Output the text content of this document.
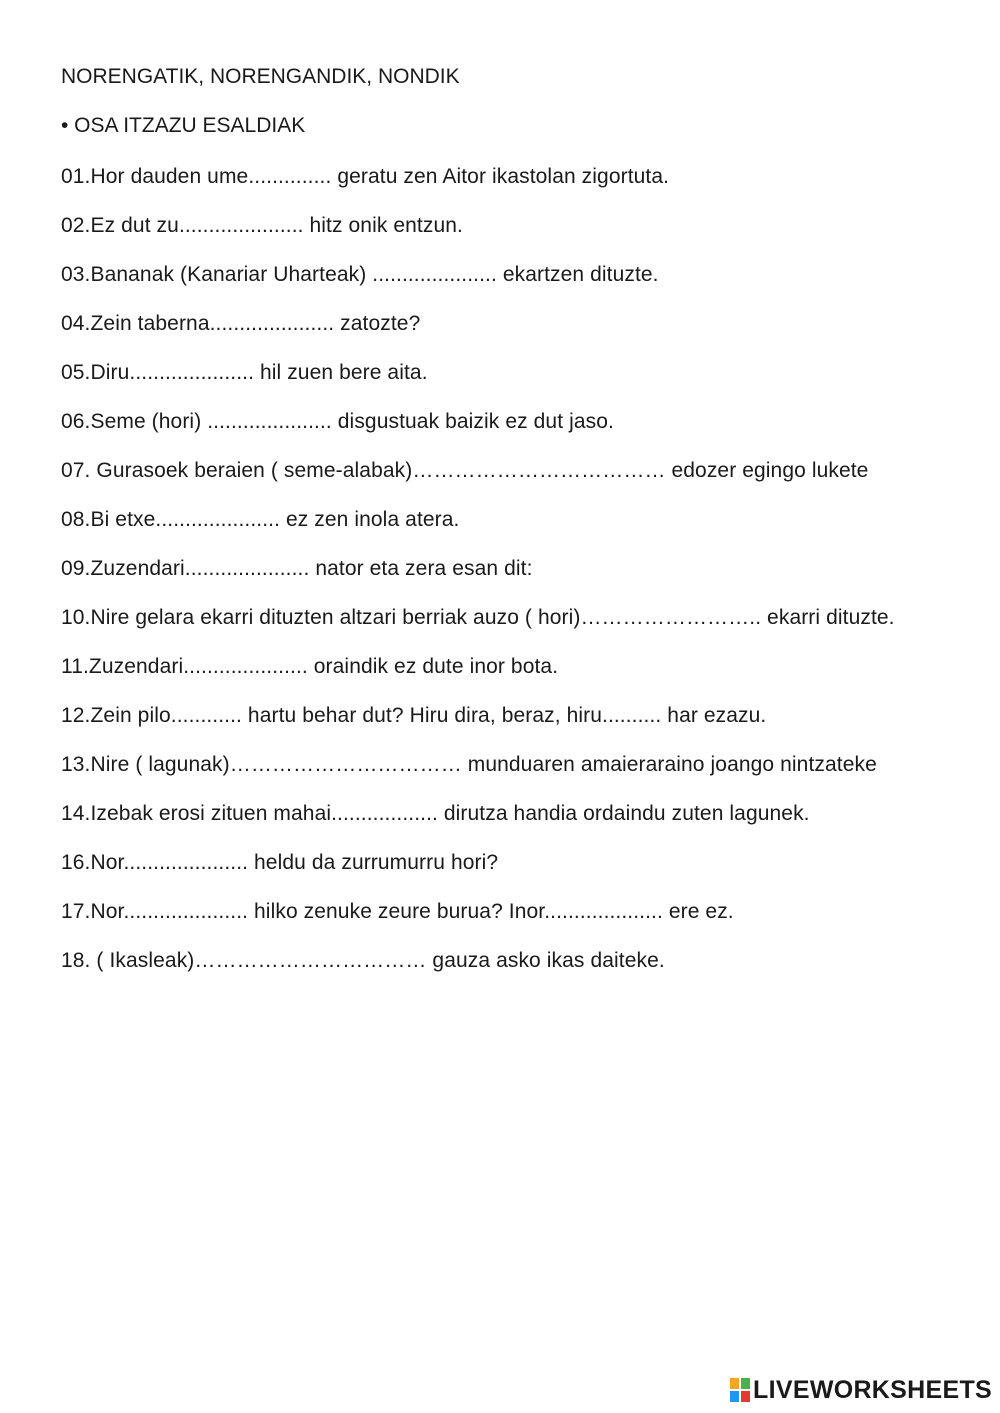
NORENGATIK, NORENGANDIK, NONDIK
• OSA ITZAZU ESALDIAK
01.Hor dauden ume.............. geratu zen Aitor ikastolan zigortuta.
02.Ez dut zu..................... hitz onik entzun.
03.Bananak (Kanariar Uharteak) ..................... ekartzen dituzte.
04.Zein taberna..................... zatozte?
05.Diru..................... hil zuen bere aita.
06.Seme (hori) ..................... disgustuak baizik ez dut jaso.
07. Gurasoek beraien ( seme-alabak)……………………………… edozer egingo lukete
08.Bi etxe..................... ez zen inola atera.
09.Zuzendari..................... nator eta zera esan dit:
10.Nire gelara ekarri dituzten altzari berriak auzo ( hori)…………………….. ekarri dituzte.
11.Zuzendari..................... oraindik ez dute inor bota.
12.Zein pilo............ hartu behar dut? Hiru dira, beraz, hiru.......... har ezazu.
13.Nire ( lagunak)…………………………… munduaren amaieraraino joango nintzateke
14.Izebak erosi zituen mahai.................. dirutza handia ordaindu zuten lagunek.
16.Nor..................... heldu da zurrumurru hori?
17.Nor..................... hilko zenuke zeure burua? Inor.................... ere ez.
18. ( Ikasleak)…………………………… gauza asko ikas daiteke.
LIVEWORKSHEETS
